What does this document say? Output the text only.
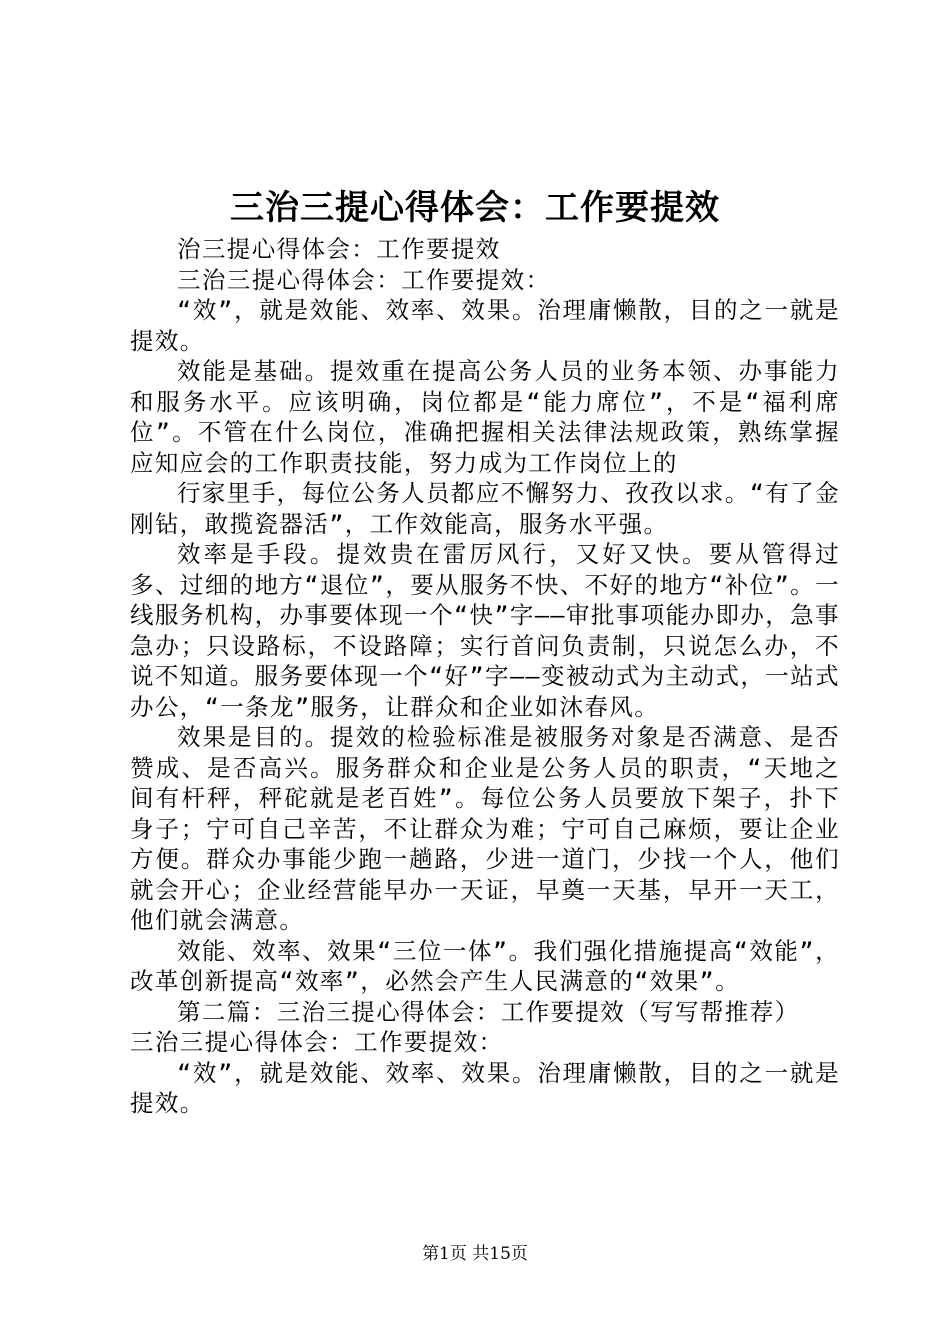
三治三提心得体会：工作要提效

治三提心得体会：工作要提效

三治三提心得体会：工作要提效：

“效”，就是效能、效率、效果。治理庸懒散，目的之一就是提效。

效能是基础。提效重在提高公务人员的业务本领、办事能力和服务水平。应该明确，岗位都是“能力席位”，不是“福利席位”。不管在什么岗位，准确把握相关法律法规政策，熟练掌握应知应会的工作职责技能，努力成为工作岗位上的

行家里手，每位公务人员都应不懈努力、孜孜以求。“有了金刚钻，敢揽瓷器活”，工作效能高，服务水平强。

效率是手段。提效贵在雷厉风行，又好又快。要从管得过多、过细的地方“退位”，要从服务不快、不好的地方“补位”。一线服务机构，办事要体现一个“快”字——审批事项能办即办，急事急办；只设路标，不设路障；实行首问负责制，只说怎么办，不说不知道。服务要体现一个“好”字——变被动式为主动式，一站式办公，“一条龙”服务，让群众和企业如沐春风。

效果是目的。提效的检验标准是被服务对象是否满意、是否赞成、是否高兴。服务群众和企业是公务人员的职责，“天地之间有杆秤，秤砣就是老百姓”。每位公务人员要放下架子，扑下身子；宁可自己辛苦，不让群众为难；宁可自己麻烦，要让企业方便。群众办事能少跑一趟路，少进一道门，少找一个人，他们就会开心；企业经营能早办一天证，早奠一天基，早开一天工，他们就会满意。

效能、效率、效果“三位一体”。我们强化措施提高“效能”，改革创新提高“效率”，必然会产生人民满意的“效果”。

第二篇：三治三提心得体会：工作要提效（写写帮推荐）

三治三提心得体会：工作要提效：

“效”，就是效能、效率、效果。治理庸懒散，目的之一就是提效。

第1页 共15页
